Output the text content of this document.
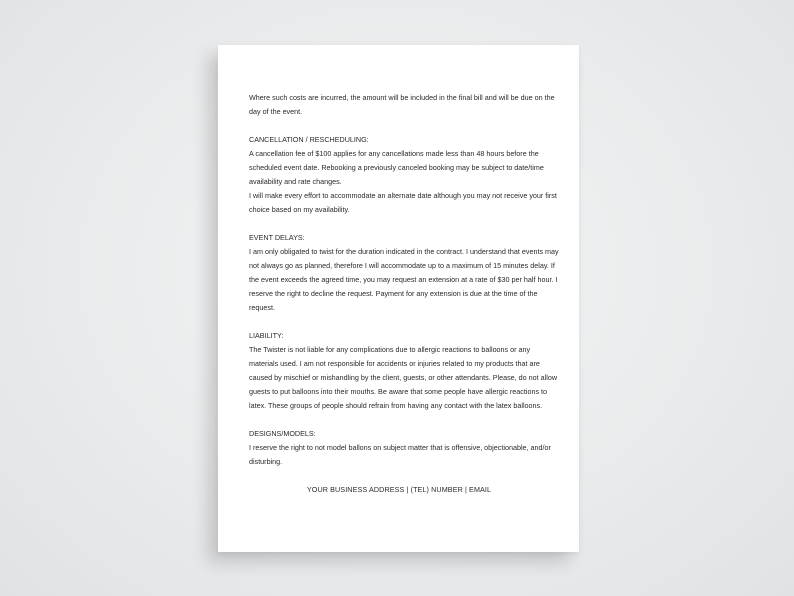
Where such costs are incurred, the amount will be included in the final bill and will be due on the day of the event.

CANCELLATION / RESCHEDULING:

A cancellation fee of $100 applies for any cancellations made less than 48 hours before the scheduled event date. Rebooking a previously canceled booking may be subject to date/time availability and rate changes.
I will make every effort to accommodate an alternate date although you may not receive your first choice based on my availability.

EVENT DELAYS:

I am only obligated to twist for the duration indicated in the contract. I understand that events may not always go as planned, therefore I will accommodate up to a maximum of 15 minutes delay. If the event exceeds the agreed time, you may request an extension at a rate of $30 per half hour. I reserve the right to decline the request. Payment for any extension is due at the time of the request.

LIABILITY:

The Twister is not liable for any complications due to allergic reactions to balloons or any materials used. I am not responsible for accidents or injuries related to my products that are caused by mischief or mishandling by the client, guests, or other attendants. Please, do not allow guests to put balloons into their mouths. Be aware that some people have allergic reactions to latex. These groups of people should refrain from having any contact with the latex balloons.

DESIGNS/MODELS:

I reserve the right to not model ballons on subject matter that is offensive, objectionable, and/or disturbing.

YOUR BUSINESS ADDRESS | (TEL) NUMBER | EMAIL
